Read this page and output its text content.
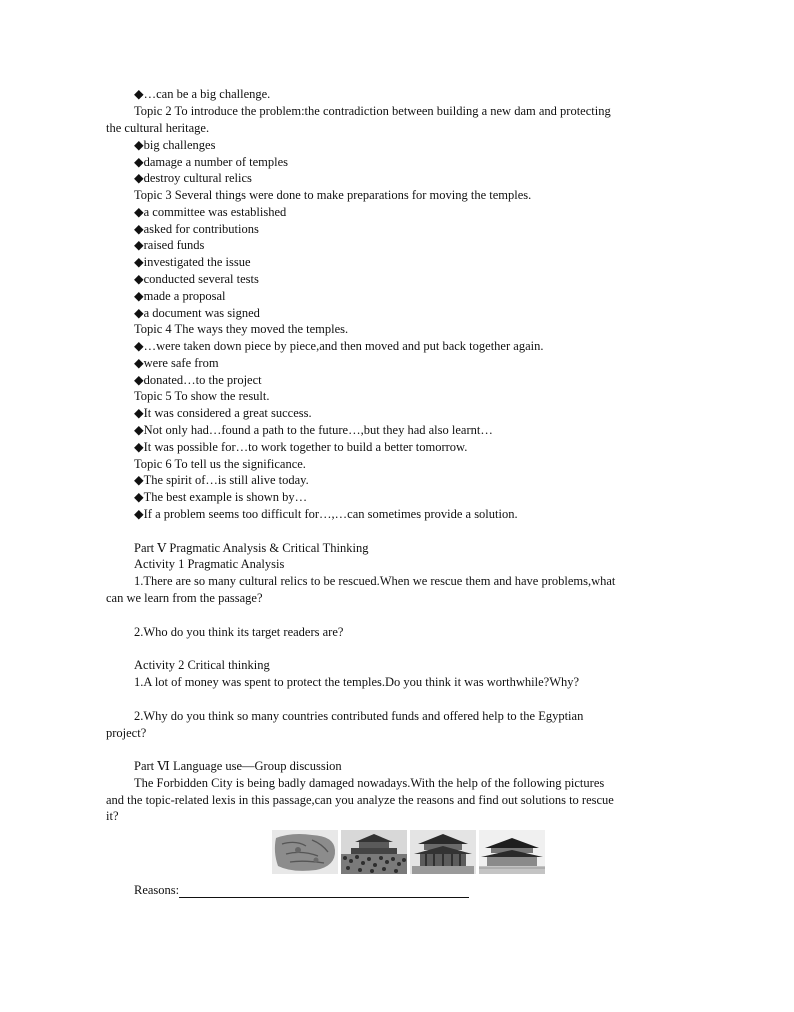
◆…can be a big challenge.
Topic 2 To introduce the problem:the contradiction between building a new dam and protecting
the cultural heritage.
◆big challenges
◆damage a number of temples
◆destroy cultural relics
Topic 3 Several things were done to make preparations for moving the temples.
◆a committee was established
◆asked for contributions
◆raised funds
◆investigated the issue
◆conducted several tests
◆made a proposal
◆a document was signed
Topic 4 The ways they moved the temples.
◆…were taken down piece by piece,and then moved and put back together again.
◆were safe from
◆donated…to the project
Topic 5 To show the result.
◆It was considered a great success.
◆Not only had…found a path to the future…,but they had also learnt…
◆It was possible for…to work together to build a better tomorrow.
Topic 6 To tell us the significance.
◆The spirit of…is still alive today.
◆The best example is shown by…
◆If a problem seems too difficult for…,…can sometimes provide a solution.
Part Ⅴ Pragmatic Analysis & Critical Thinking
Activity 1 Pragmatic Analysis
1.There are so many cultural relics to be rescued.When we rescue them and have problems,what
can we learn from the passage?
2.Who do you think its target readers are?
Activity 2 Critical thinking
1.A lot of money was spent to protect the temples.Do you think it was worthwhile?Why?
2.Why do you think so many countries contributed funds and offered help to the Egyptian
project?
Part Ⅵ Language use—Group discussion
The Forbidden City is being badly damaged nowadays.With the help of the following pictures
and the topic-related lexis in this passage,can you analyze the reasons and find out solutions to rescue
it?
Reasons:
